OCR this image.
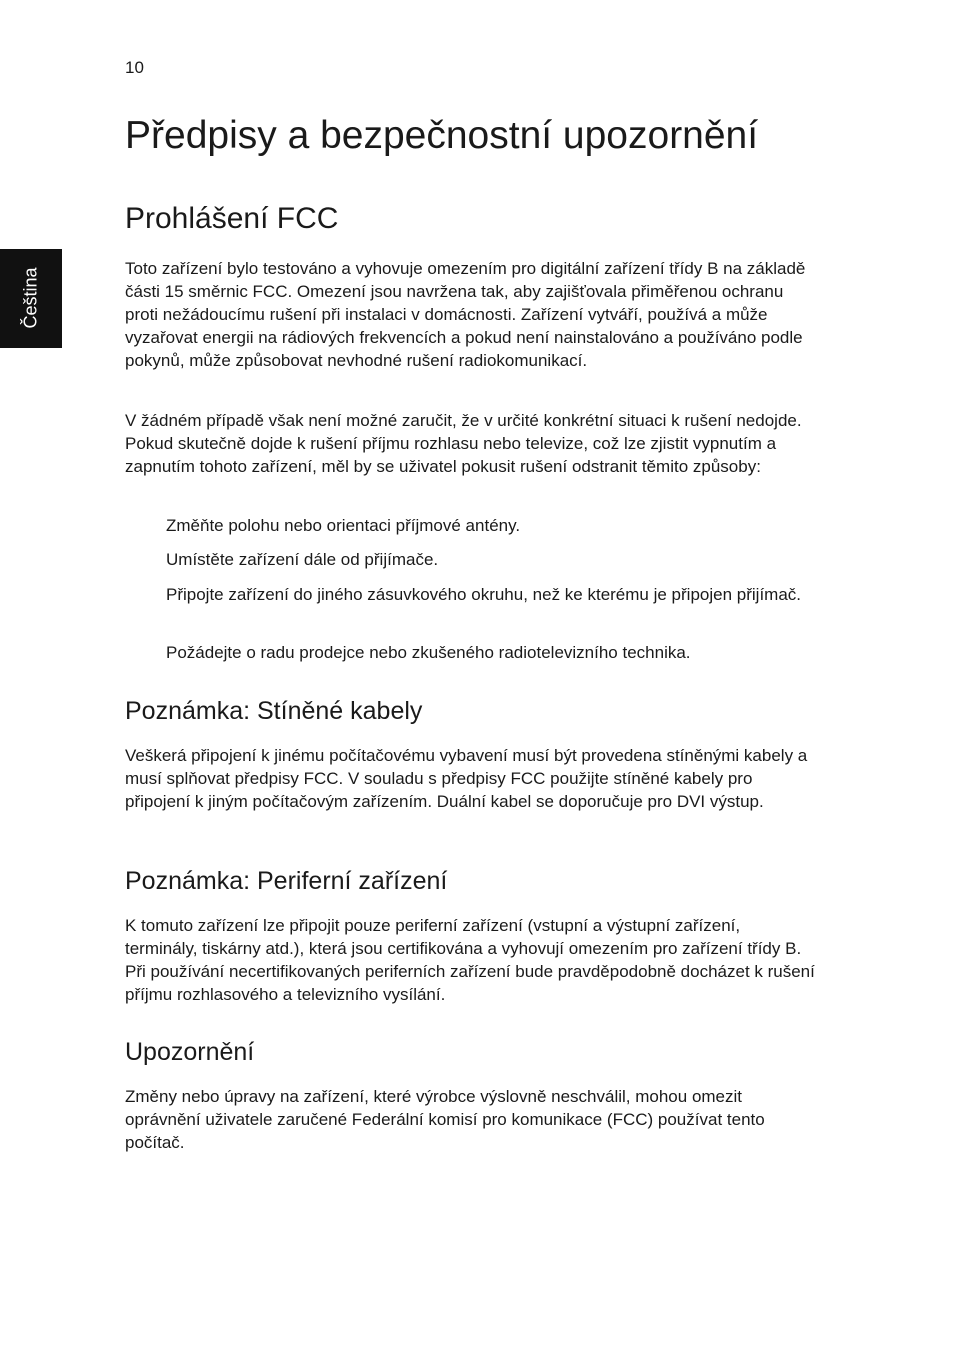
10
Čeština
Předpisy a bezpečnostní upozornění
Prohlášení FCC

Toto zařízení bylo testováno a vyhovuje omezením pro digitální zařízení třídy B na základě části 15 směrnic FCC. Omezení jsou navržena tak, aby zajišťovala přiměřenou ochranu proti nežádoucímu rušení při instalaci v domácnosti. Zařízení vytváří, používá a může vyzařovat energii na rádiových frekvencích a pokud není nainstalováno a používáno podle pokynů, může způsobovat nevhodné rušení radiokomunikací.

V žádném případě však není možné zaručit, že v určité konkrétní situaci k rušení nedojde. Pokud skutečně dojde k rušení příjmu rozhlasu nebo televize, což lze zjistit vypnutím a zapnutím tohoto zařízení, měl by se uživatel pokusit rušení odstranit těmito způsoby:

Změňte polohu nebo orientaci příjmové antény.
Umístěte zařízení dále od přijímače.
Připojte zařízení do jiného zásuvkového okruhu, než ke kterému je připojen přijímač.
Požádejte o radu prodejce nebo zkušeného radiotelevizního technika.
Poznámka: Stíněné kabely

Veškerá připojení k jinému počítačovému vybavení musí být provedena stíněnými kabely a musí splňovat předpisy FCC. V souladu s předpisy FCC použijte stíněné kabely pro připojení k jiným počítačovým zařízením. Duální kabel se doporučuje pro DVI výstup.

Poznámka: Periferní zařízení

K tomuto zařízení lze připojit pouze periferní zařízení (vstupní a výstupní zařízení, terminály, tiskárny atd.), která jsou certifikována a vyhovují omezením pro zařízení třídy B. Při používání necertifikovaných periferních zařízení bude pravděpodobně docházet k rušení příjmu rozhlasového a televizního vysílání.

Upozornění

Změny nebo úpravy na zařízení, které výrobce výslovně neschválil, mohou omezit oprávnění uživatele zaručené Federální komisí pro komunikace (FCC) používat tento počítač.
